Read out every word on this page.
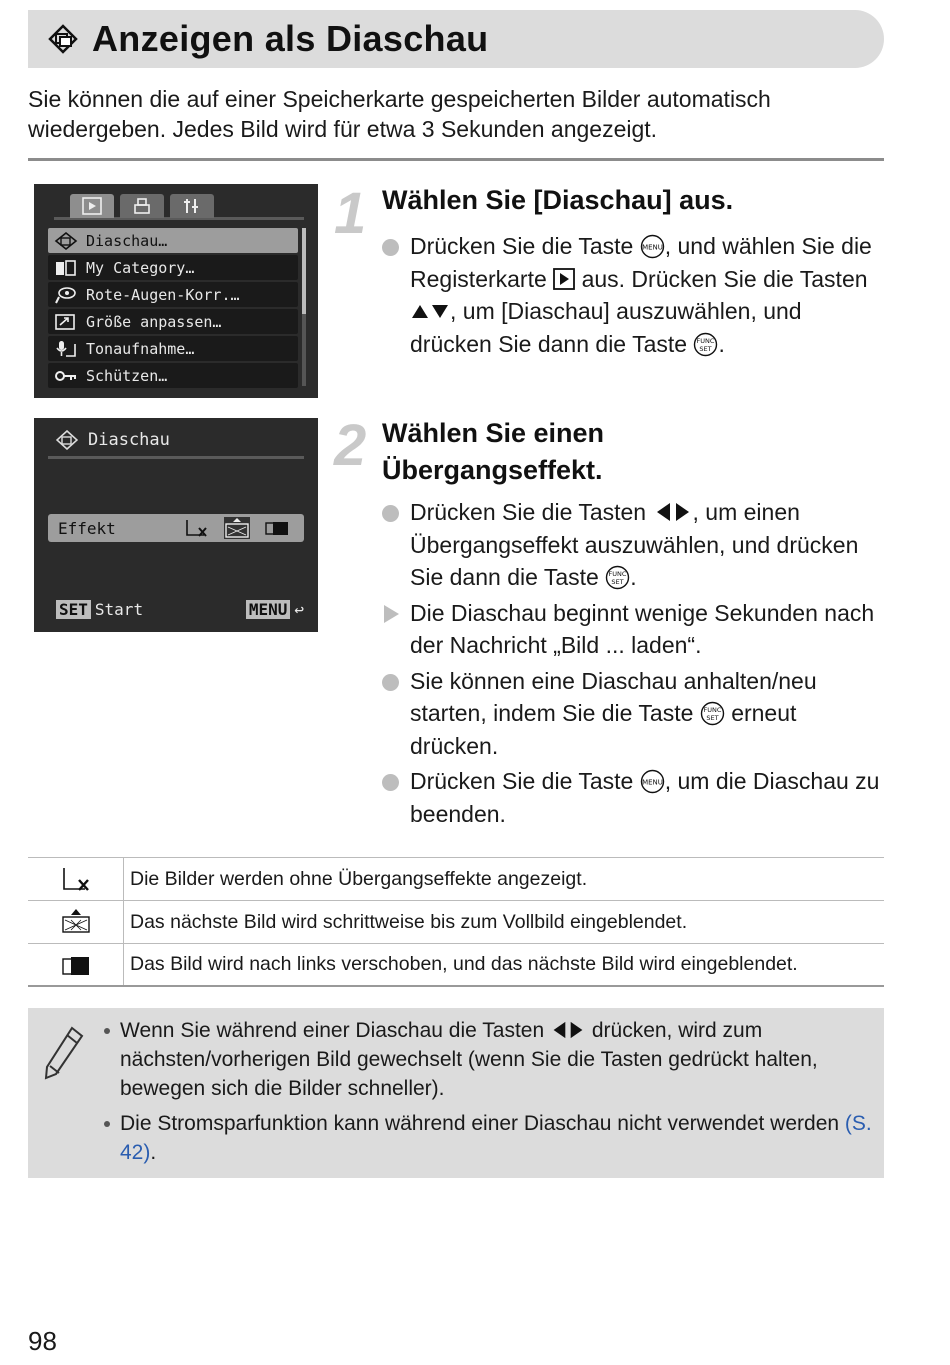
Anzeigen als Diaschau

Sie können die auf einer Speicherkarte gespeicherten Bilder automatisch wiedergeben. Jedes Bild wird für etwa 3 Sekunden angezeigt.

Diaschau…
My Category…
Rote-Augen-Korr.…
Größe anpassen…
Tonaufnahme…
Schützen…
Diaschau
Effekt
SET Start	MENU ↩
1 Wählen Sie [Diaschau] aus.
Drücken Sie die Taste MENU , und wählen Sie die Registerkarte aus. Drücken Sie die Tasten , um [Diaschau] auszuwählen, und drücken Sie dann die Taste FUNC
SET .
2 Wählen Sie einen
Übergangseffekt.
Drücken Sie die Tasten , um einen Übergangseffekt auszuwählen, und drücken Sie dann die Taste FUNC
SET .
Die Diaschau beginnt wenige Sekunden nach der Nachricht „Bild ... laden“.
Sie können eine Diaschau anhalten/neu starten, indem Sie die Taste FUNC
SET erneut drücken.
Drücken Sie die Taste MENU , um die Diaschau zu beenden.
Die Bilder werden ohne Übergangseffekte angezeigt.
Das nächste Bild wird schrittweise bis zum Vollbild eingeblendet.
Das Bild wird nach links verschoben, und das nächste Bild wird eingeblendet.
Wenn Sie während einer Diaschau die Tasten drücken, wird zum nächsten/vorherigen Bild gewechselt (wenn Sie die Tasten gedrückt halten, bewegen sich die Bilder schneller).
Die Stromsparfunktion kann während einer Diaschau nicht verwendet werden (S. 42).
98
